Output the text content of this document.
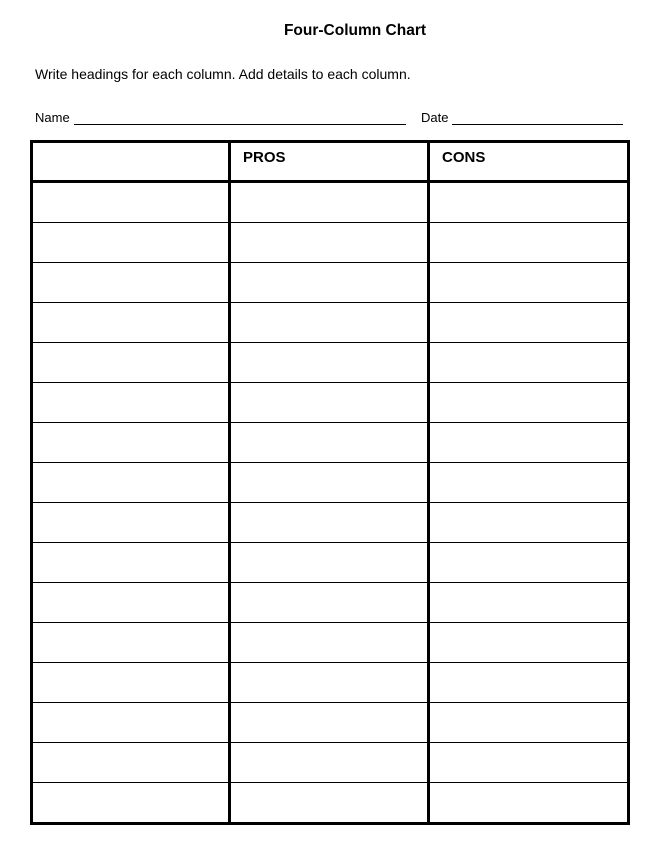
Four-Column Chart
Write headings for each column. Add details to each column.
Name	Date
	PROS	CONS
